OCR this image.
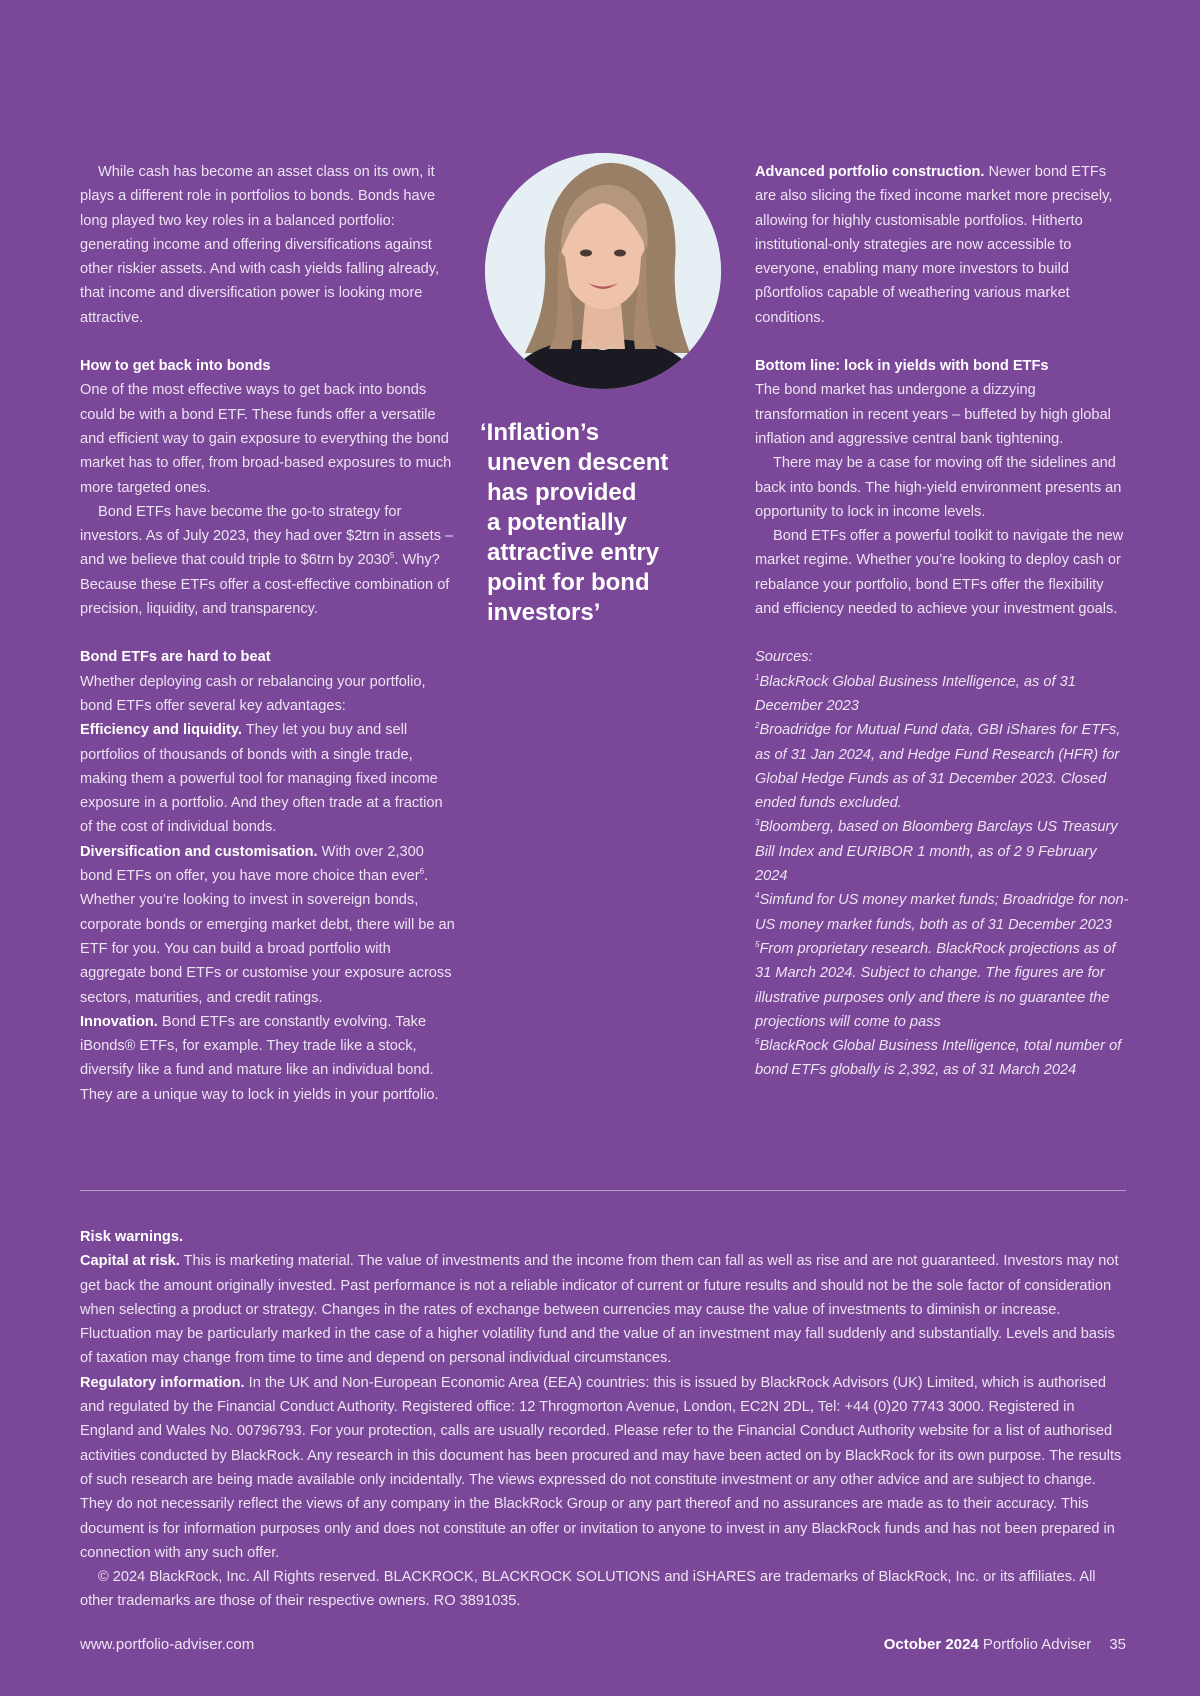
While cash has become an asset class on its own, it plays a different role in portfolios to bonds. Bonds have long played two key roles in a balanced portfolio: generating income and offering diversifications against other riskier assets. And with cash yields falling already, that income and diversification power is looking more attractive.

How to get back into bonds

One of the most effective ways to get back into bonds could be with a bond ETF. These funds offer a versatile and efficient way to gain exposure to everything the bond market has to offer, from broad-based exposures to much more targeted ones.

Bond ETFs have become the go-to strategy for investors. As of July 2023, they had over $2trn in assets – and we believe that could triple to $6trn by 2030$^5$. Why? Because these ETFs offer a cost-effective combination of precision, liquidity, and transparency.

Bond ETFs are hard to beat

Whether deploying cash or rebalancing your portfolio, bond ETFs offer several key advantages:

Efficiency and liquidity. They let you buy and sell portfolios of thousands of bonds with a single trade, making them a powerful tool for managing fixed income exposure in a portfolio. And they often trade at a fraction of the cost of individual bonds.

Diversification and customisation. With over 2,300 bond ETFs on offer, you have more choice than ever$^6$. Whether you’re looking to invest in sovereign bonds, corporate bonds or emerging market debt, there will be an ETF for you. You can build a broad portfolio with aggregate bond ETFs or customise your exposure across sectors, maturities, and credit ratings.

Innovation. Bond ETFs are constantly evolving. Take iBonds® ETFs, for example. They trade like a stock, diversify like a fund and mature like an individual bond. They are a unique way to lock in yields in your portfolio.

‘Inflation’s
uneven descent
has provided
a potentially
attractive entry
point for bond
investors’

Advanced portfolio construction. Newer bond ETFs are also slicing the fixed income market more precisely, allowing for highly customisable portfolios. Hitherto institutional-only strategies are now accessible to everyone, enabling many more investors to build pßortfolios capable of weathering various market conditions.

Bottom line: lock in yields with bond ETFs

The bond market has undergone a dizzying transformation in recent years – buffeted by high global inflation and aggressive central bank tightening.

There may be a case for moving off the sidelines and back into bonds. The high-yield environment presents an opportunity to lock in income levels.

Bond ETFs offer a powerful toolkit to navigate the new market regime. Whether you’re looking to deploy cash or rebalance your portfolio, bond ETFs offer the flexibility and efficiency needed to achieve your investment goals.

Sources:

$^1$BlackRock Global Business Intelligence, as of 31 December 2023

$^2$Broadridge for Mutual Fund data, GBI iShares for ETFs, as of 31 Jan 2024, and Hedge Fund Research (HFR) for Global Hedge Funds as of 31 December 2023. Closed ended funds excluded.

$^3$Bloomberg, based on Bloomberg Barclays US Treasury Bill Index and EURIBOR 1 month, as of 2 9 February 2024

$^4$Simfund for US money market funds; Broadridge for non-US money market funds, both as of 31 December 2023

$^5$From proprietary research. BlackRock projections as of 31 March 2024. Subject to change. The figures are for illustrative purposes only and there is no guarantee the projections will come to pass

$^6$BlackRock Global Business Intelligence, total number of bond ETFs globally is 2,392, as of 31 March 2024

Risk warnings.

Capital at risk. This is marketing material. The value of investments and the income from them can fall as well as rise and are not guaranteed. Investors may not get back the amount originally invested. Past performance is not a reliable indicator of current or future results and should not be the sole factor of consideration when selecting a product or strategy. Changes in the rates of exchange between currencies may cause the value of investments to diminish or increase. Fluctuation may be particularly marked in the case of a higher volatility fund and the value of an investment may fall suddenly and substantially. Levels and basis of taxation may change from time to time and depend on personal individual circumstances.

Regulatory information. In the UK and Non-European Economic Area (EEA) countries: this is issued by BlackRock Advisors (UK) Limited, which is authorised and regulated by the Financial Conduct Authority. Registered office: 12 Throgmorton Avenue, London, EC2N 2DL, Tel: +44 (0)20 7743 3000. Registered in England and Wales No. 00796793. For your protection, calls are usually recorded. Please refer to the Financial Conduct Authority website for a list of authorised activities conducted by BlackRock. Any research in this document has been procured and may have been acted on by BlackRock for its own purpose. The results of such research are being made available only incidentally. The views expressed do not constitute investment or any other advice and are subject to change. They do not necessarily reflect the views of any company in the BlackRock Group or any part thereof and no assurances are made as to their accuracy. This document is for information purposes only and does not constitute an offer or invitation to anyone to invest in any BlackRock funds and has not been prepared in connection with any such offer.

© 2024 BlackRock, Inc. All Rights reserved. BLACKROCK, BLACKROCK SOLUTIONS and iSHARES are trademarks of BlackRock, Inc. or its affiliates. All other trademarks are those of their respective owners. RO 3891035.

www.portfolio-adviser.com	October 2024 Portfolio Adviser 35
